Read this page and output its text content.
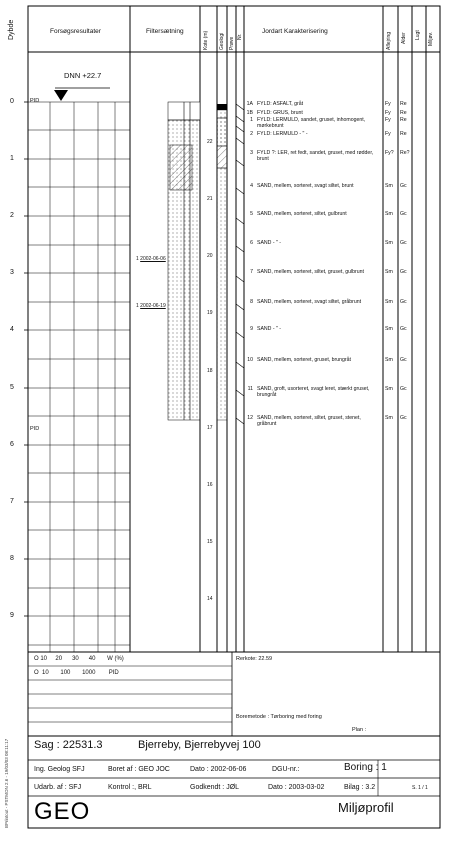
Dybde
0
1
2
3
4
5
6
7
8
9
Forsøgsresultater	Filtersætning	Kote (m) Geologi Prøve Nr.
Jordart Karakterisering
Aflejring Alder Lugt Miljøv.
DNN +22.7
PID
PID
22
21
20
19
18
17
16
15
14
1 2002-06-06
1 2002-06-19
1A FYLD: ASFALT, gråt	Fy Re
1B FYLD: GRUS, brunt	Fy Re
1 FYLD: LERMULD, sandet, gruset, inhomogent, mørkebrunt
Fy Re
2 FYLD: LERMULD - " -	Fy Re
3 FYLD ?: LER, ret fedt, sandet, gruset, med rødder, brunt
Fy? Re?
4 SAND, mellem, sorteret, svagt siltet, brunt	Sm Gc
5 SAND, mellem, sorteret, siltet, gulbrunt	Sm Gc
6 SAND - " -	Sm Gc
7 SAND, mellem, sorteret, siltet, gruset, gulbrunt	Sm Gc
8 SAND, mellem, sorteret, svagt siltet, gråbrunt	Sm Gc
9 SAND - " -	Sm Gc
10 SAND, mellem, sorteret, gruset, brungråt	Sm Gc
11 SAND, groft, usorteret, svagt leret, stærkt gruset, brungråt
Sm Gc
12 SAND, mellem, sorteret, siltet, gruset, stenet, gråbrunt
Sm Gc
O 10 20 30 40 W (%)
O  10 100 1000 PID
Rerkote: 22.59
Boremetode : Tørboring med foring
Plan :
BPrintout - PSTMON 2.6 - 19/03/03 08:11:17 Sag : 22531.3	Bjerreby, Bjerrebyvej 100
Ing. Geolog SFJ	Boret af : GEO JOC	Dato : 2002-06-06	DGU-nr.:	Boring : 1
Udarb. af : SFJ	Kontrol :, BRL	Godkendt : JØL	Dato : 2003-03-02	Bilag : 3.2	S. 1 / 1
GEO	Miljøprofil
